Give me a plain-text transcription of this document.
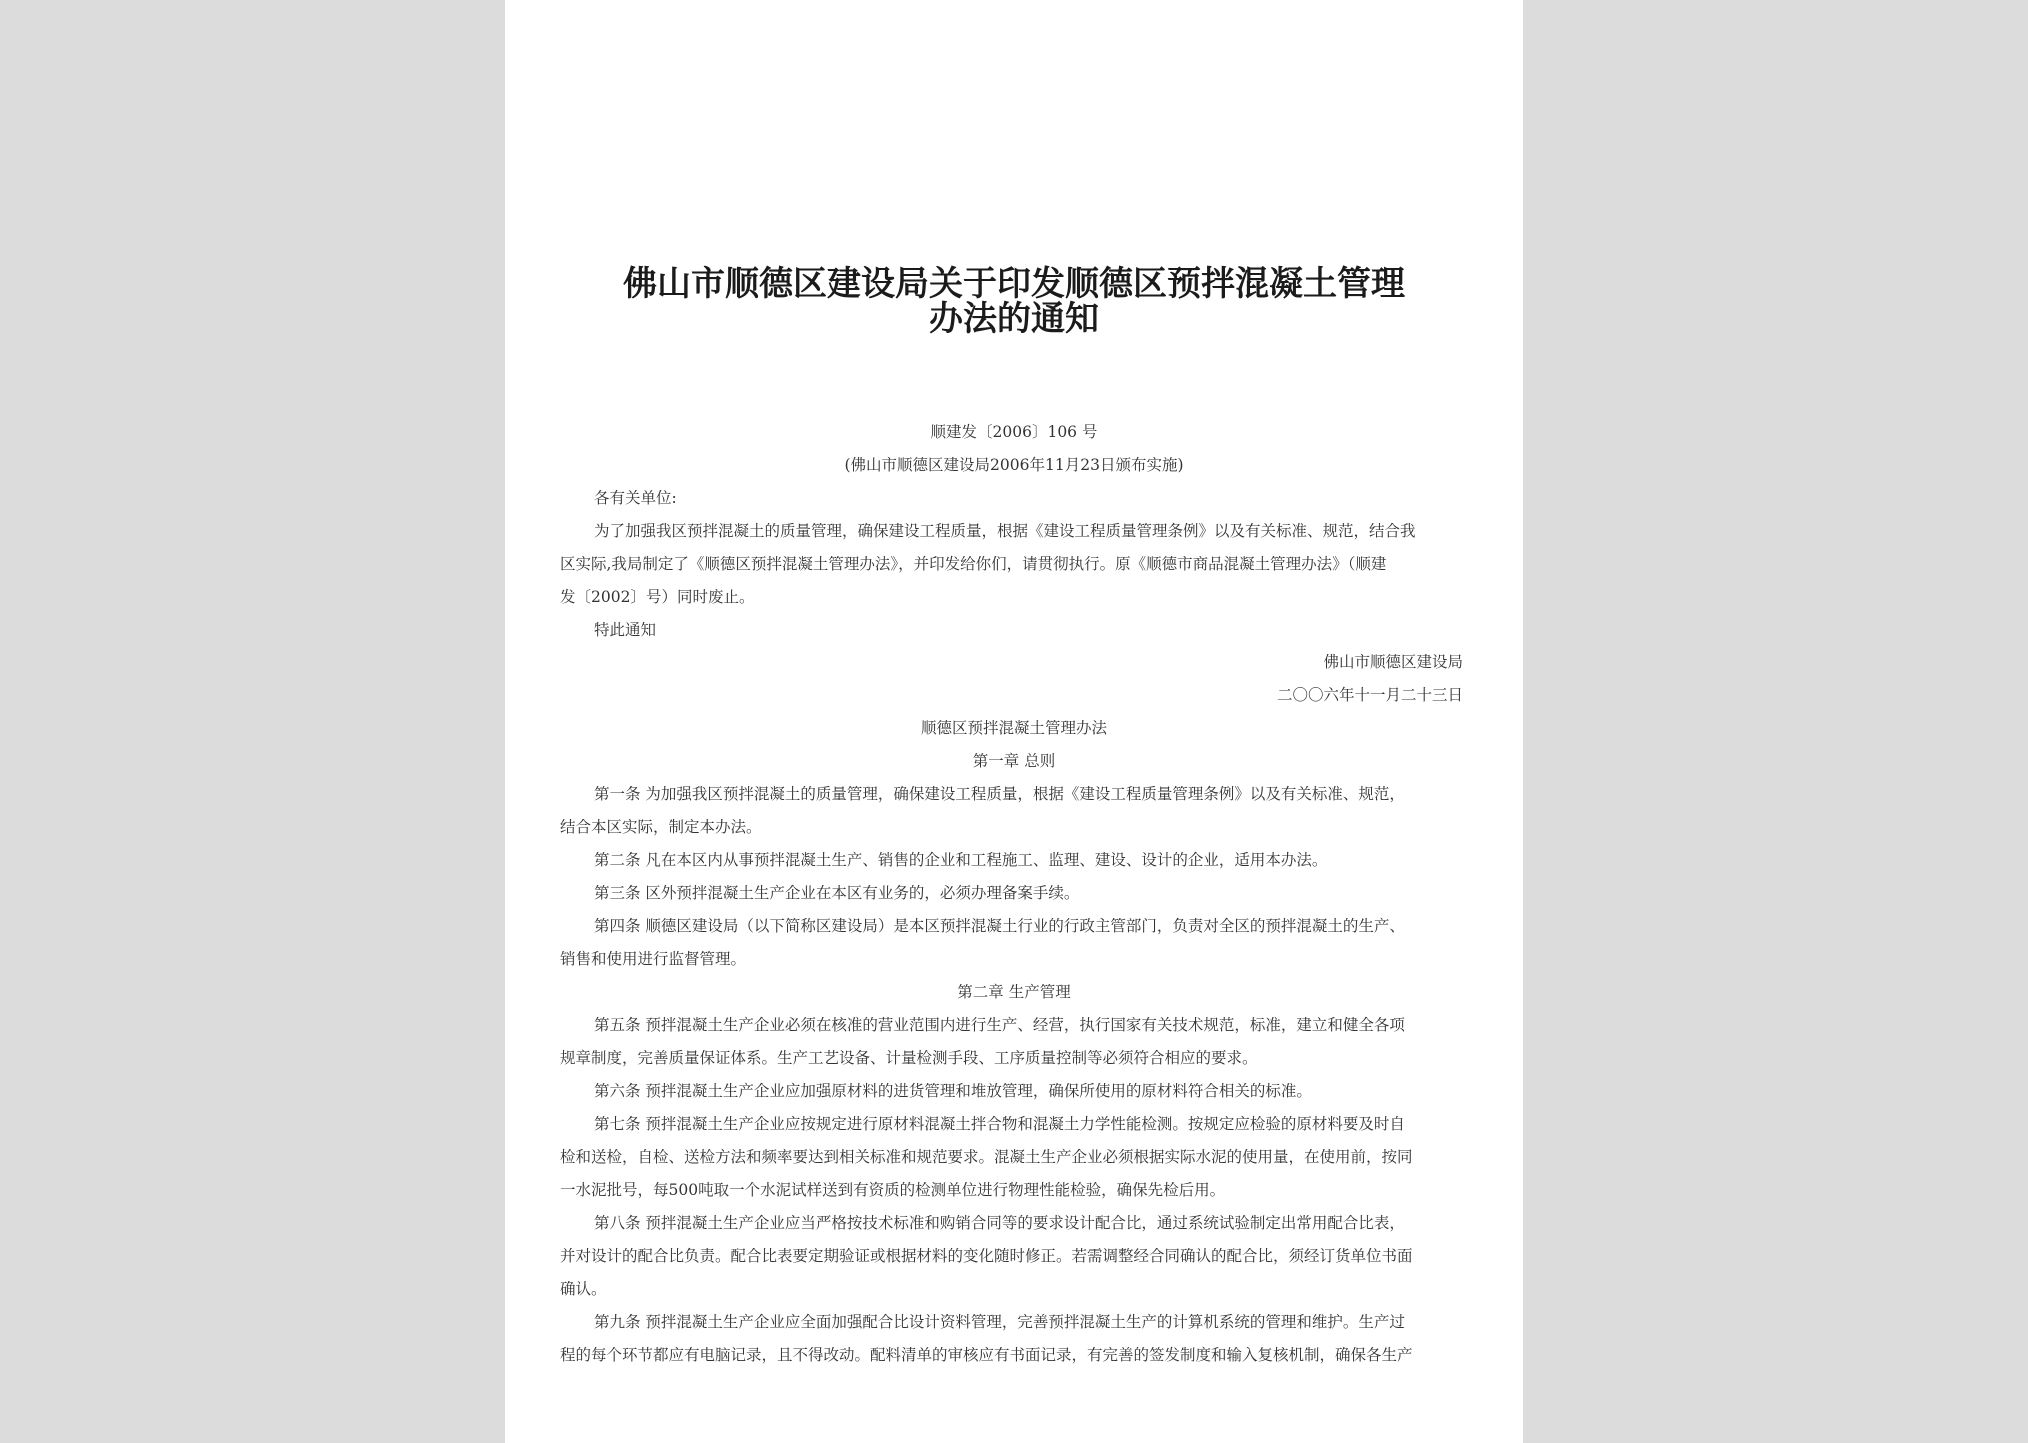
佛山市顺德区建设局关于印发顺德区预拌混凝土管理
办法的通知
顺建发〔2006〕106 号
(佛山市顺德区建设局2006年11月23日颁布实施)
各有关单位:
为了加强我区预拌混凝土的质量管理，确保建设工程质量，根据《建设工程质量管理条例》以及有关标准、规范，结合我
区实际,我局制定了《顺德区预拌混凝土管理办法》，并印发给你们，请贯彻执行。原《顺德市商品混凝土管理办法》（顺建
发〔2002〕号）同时废止。
特此通知
佛山市顺德区建设局
二〇〇六年十一月二十三日
顺德区预拌混凝土管理办法
第一章 总则
第一条 为加强我区预拌混凝土的质量管理，确保建设工程质量，根据《建设工程质量管理条例》以及有关标准、规范，
结合本区实际，制定本办法。
第二条 凡在本区内从事预拌混凝土生产、销售的企业和工程施工、监理、建设、设计的企业，适用本办法。
第三条 区外预拌混凝土生产企业在本区有业务的，必须办理备案手续。
第四条 顺德区建设局（以下简称区建设局）是本区预拌混凝土行业的行政主管部门，负责对全区的预拌混凝土的生产、
销售和使用进行监督管理。
第二章 生产管理
第五条 预拌混凝土生产企业必须在核准的营业范围内进行生产、经营，执行国家有关技术规范，标准，建立和健全各项
规章制度，完善质量保证体系。生产工艺设备、计量检测手段、工序质量控制等必须符合相应的要求。
第六条 预拌混凝土生产企业应加强原材料的进货管理和堆放管理，确保所使用的原材料符合相关的标准。
第七条 预拌混凝土生产企业应按规定进行原材料混凝土拌合物和混凝土力学性能检测。按规定应检验的原材料要及时自
检和送检，自检、送检方法和频率要达到相关标准和规范要求。混凝土生产企业必须根据实际水泥的使用量，在使用前，按同
一水泥批号，每500吨取一个水泥试样送到有资质的检测单位进行物理性能检验，确保先检后用。
第八条 预拌混凝土生产企业应当严格按技术标准和购销合同等的要求设计配合比，通过系统试验制定出常用配合比表，
并对设计的配合比负责。配合比表要定期验证或根据材料的变化随时修正。若需调整经合同确认的配合比，须经订货单位书面
确认。
第九条 预拌混凝土生产企业应全面加强配合比设计资料管理，完善预拌混凝土生产的计算机系统的管理和维护。生产过
程的每个环节都应有电脑记录，且不得改动。配料清单的审核应有书面记录，有完善的签发制度和输入复核机制，确保各生产
